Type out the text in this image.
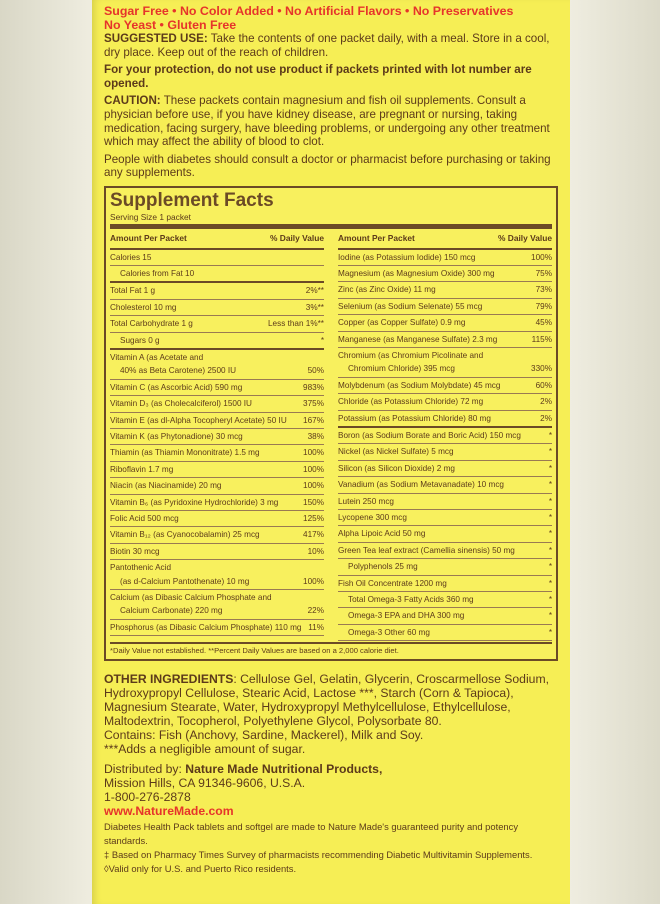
Sugar Free • No Color Added • No Artificial Flavors • No Preservatives
No Yeast • Gluten Free

SUGGESTED USE: Take the contents of one packet daily, with a meal. Store in a cool, dry place. Keep out of the reach of children.

For your protection, do not use product if packets printed with lot number are opened.

CAUTION: These packets contain magnesium and fish oil supplements. Consult a physician before use, if you have kidney disease, are pregnant or nursing, taking medication, facing surgery, have bleeding problems, or undergoing any other treatment which may affect the ability of blood to clot.

People with diabetes should consult a doctor or pharmacist before purchasing or taking any supplements.

Supplement Facts
Serving Size 1 packet
Amount Per Packet	% Daily Value
Calories 15
Calories from Fat 10
Total Fat 1 g	2%**
Cholesterol 10 mg	3%**
Total Carbohydrate 1 g	Less than 1%**
Sugars 0 g	*
Vitamin A (as Acetate and
40% as Beta Carotene) 2500 IU	50%
Vitamin C (as Ascorbic Acid) 590 mg	983%
Vitamin D₃ (as Cholecalciferol) 1500 IU	375%
Vitamin E (as dl-Alpha Tocopheryl Acetate) 50 IU	167%
Vitamin K (as Phytonadione) 30 mcg	38%
Thiamin (as Thiamin Mononitrate) 1.5 mg	100%
Riboflavin 1.7 mg	100%
Niacin (as Niacinamide) 20 mg	100%
Vitamin B₆ (as Pyridoxine Hydrochloride) 3 mg	150%
Folic Acid 500 mcg	125%
Vitamin B₁₂ (as Cyanocobalamin) 25 mcg	417%
Biotin 30 mcg	10%
Pantothenic Acid
(as d-Calcium Pantothenate) 10 mg	100%
Calcium (as Dibasic Calcium Phosphate and
Calcium Carbonate) 220 mg	22%
Phosphorus (as Dibasic Calcium Phosphate) 110 mg 11%
Amount Per Packet	% Daily Value
Iodine (as Potassium Iodide) 150 mcg	100%
Magnesium (as Magnesium Oxide) 300 mg	75%
Zinc (as Zinc Oxide) 11 mg	73%
Selenium (as Sodium Selenate) 55 mcg	79%
Copper (as Copper Sulfate) 0.9 mg	45%
Manganese (as Manganese Sulfate) 2.3 mg	115%
Chromium (as Chromium Picolinate and
Chromium Chloride) 395 mcg	330%
Molybdenum (as Sodium Molybdate) 45 mcg	60%
Chloride (as Potassium Chloride) 72 mg	2%
Potassium (as Potassium Chloride) 80 mg	2%
Boron (as Sodium Borate and Boric Acid) 150 mcg	*
Nickel (as Nickel Sulfate) 5 mcg	*
Silicon (as Silicon Dioxide) 2 mg	*
Vanadium (as Sodium Metavanadate) 10 mcg	*
Lutein 250 mcg	*
Lycopene 300 mcg	*
Alpha Lipoic Acid 50 mg	*
Green Tea leaf extract (Camellia sinensis) 50 mg	*
Polyphenols 25 mg	*
Fish Oil Concentrate 1200 mg	*
Total Omega-3 Fatty Acids 360 mg	*
Omega-3 EPA and DHA 300 mg	*
Omega-3 Other 60 mg	*
*Daily Value not established. **Percent Daily Values are based on a 2,000 calorie diet.
OTHER INGREDIENTS: Cellulose Gel, Gelatin, Glycerin, Croscarmellose Sodium, Hydroxypropyl Cellulose, Stearic Acid, Lactose ***, Starch (Corn & Tapioca), Magnesium Stearate, Water, Hydroxypropyl Methylcellulose, Ethylcellulose, Maltodextrin, Tocopherol, Polyethylene Glycol, Polysorbate 80.
Contains: Fish (Anchovy, Sardine, Mackerel), Milk and Soy.
***Adds a negligible amount of sugar.
Distributed by: Nature Made Nutritional Products,
Mission Hills, CA 91346-9606, U.S.A.
1-800-276-2878
www.NatureMade.com
Diabetes Health Pack tablets and softgel are made to Nature Made's guaranteed purity and potency standards.
‡ Based on Pharmacy Times Survey of pharmacists recommending Diabetic Multivitamin Supplements.
◊Valid only for U.S. and Puerto Rico residents.
